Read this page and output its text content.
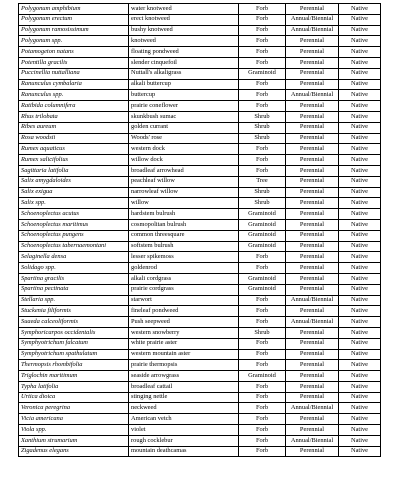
Polygonum amphibium	water knotweed	Forb	Perennial	Native
Polygonum erectum	erect knotweed	Forb	Annual/Biennial	Native
Polygonum ramosissimum	bushy knotweed	Forb	Annual/Biennial	Native
Polygonum spp.	knotweed	Forb	Perennial	Native
Potamogeton natans	floating pondweed	Forb	Perennial	Native
Potentilla gracilis	slender cinquefoil	Forb	Perennial	Native
Puccinellia nuttalliana	Nuttall's alkaligrass	Graminoid	Perennial	Native
Ranunculus cymbalaria	alkali buttercup	Forb	Perennial	Native
Ranunculus spp.	buttercup	Forb	Annual/Biennial	Native
Ratibida columnifera	prairie coneflower	Forb	Perennial	Native
Rhus trilobata	skunkbush sumac	Shrub	Perennial	Native
Ribes aureum	golden currant	Shrub	Perennial	Native
Rosa woodsii	Woods' rose	Shrub	Perennial	Native
Rumex aquaticus	western dock	Forb	Perennial	Native
Rumex salicifolius	willow dock	Forb	Perennial	Native
Sagittaria latifolia	broadleaf arrowhead	Forb	Perennial	Native
Salix amygdaloides	peachleaf willow	Tree	Perennial	Native
Salix exigua	narrowleaf willow	Shrub	Perennial	Native
Salix spp.	willow	Shrub	Perennial	Native
Schoenoplectus acutus	hardstem bulrush	Graminoid	Perennial	Native
Schoenoplectus maritimus	cosmopolitan bulrush	Graminoid	Perennial	Native
Schoenoplectus pungens	common threesquare	Graminoid	Perennial	Native
Schoenoplectus tabernaemontani	softstem bulrush	Graminoid	Perennial	Native
Selaginella densa	lesser spikemoss	Forb	Perennial	Native
Solidago spp.	goldenrod	Forb	Perennial	Native
Spartina gracilis	alkali cordgrass	Graminoid	Perennial	Native
Spartina pectinata	prairie cordgrass	Graminoid	Perennial	Native
Stellaria spp.	starwort	Forb	Annual/Biennial	Native
Stuckenia filiformis	fineleaf pondweed	Forb	Perennial	Native
Suaeda calceoliformis	Push seepweed	Forb	Annual/Biennial	Native
Symphoricarpos occidentalis	western snowberry	Shrub	Perennial	Native
Symphyotrichum falcatum	white prairie aster	Forb	Perennial	Native
Symphyotrichum spathulatum	western mountain aster	Forb	Perennial	Native
Thermopsis rhombifolia	prairie thermopsis	Forb	Perennial	Native
Triglochin maritimum	seaside arrowgrass	Graminoid	Perennial	Native
Typha latifolia	broadleaf cattail	Forb	Perennial	Native
Urtica dioica	stinging nettle	Forb	Perennial	Native
Veronica peregrina	neckweed	Forb	Annual/Biennial	Native
Vicia americana	American vetch	Forb	Perennial	Native
Viola spp.	violet	Forb	Perennial	Native
Xanthium strumarium	rough cocklebur	Forb	Annual/Biennial	Native
Zigadenus elegans	mountain deathcamas	Forb	Perennial	Native
